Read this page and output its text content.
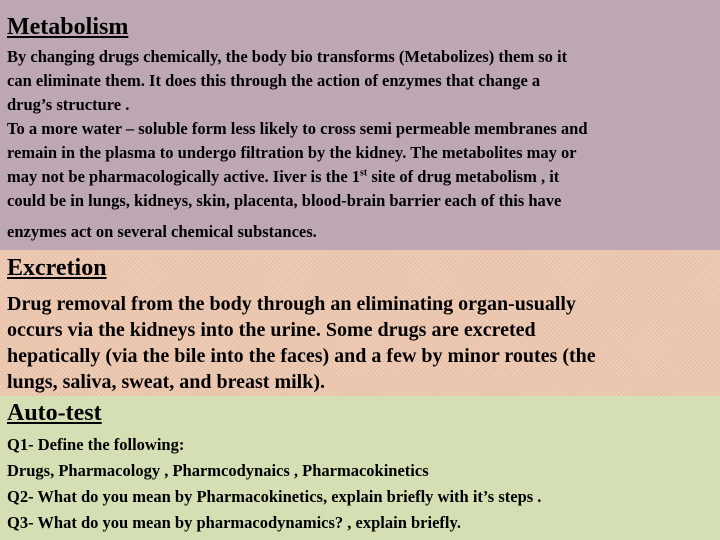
Metabolism
By changing drugs chemically, the body bio transforms (Metabolizes) them so it
can eliminate them. It does this through the action of enzymes that change a
drug’s structure .
To a more water – soluble form less likely to cross semi permeable membranes and
remain in the plasma to undergo filtration by the kidney. The metabolites may or
may not be pharmacologically active. Iiver is the 1st site of drug metabolism , it
could be in lungs, kidneys, skin, placenta, blood-brain barrier each of this have
enzymes act on several chemical substances.
Excretion
Drug removal from the body through an eliminating organ-usually
occurs via the kidneys into the urine. Some drugs are excreted
hepatically (via the bile into the faces) and a few by minor routes (the
lungs, saliva, sweat, and breast milk).
Auto-test
Q1- Define the following:
Drugs, Pharmacology , Pharmcodynaics , Pharmacokinetics
Q2- What do you mean by Pharmacokinetics, explain briefly with it’s steps .
Q3- What do you mean by pharmacodynamics? , explain briefly.
